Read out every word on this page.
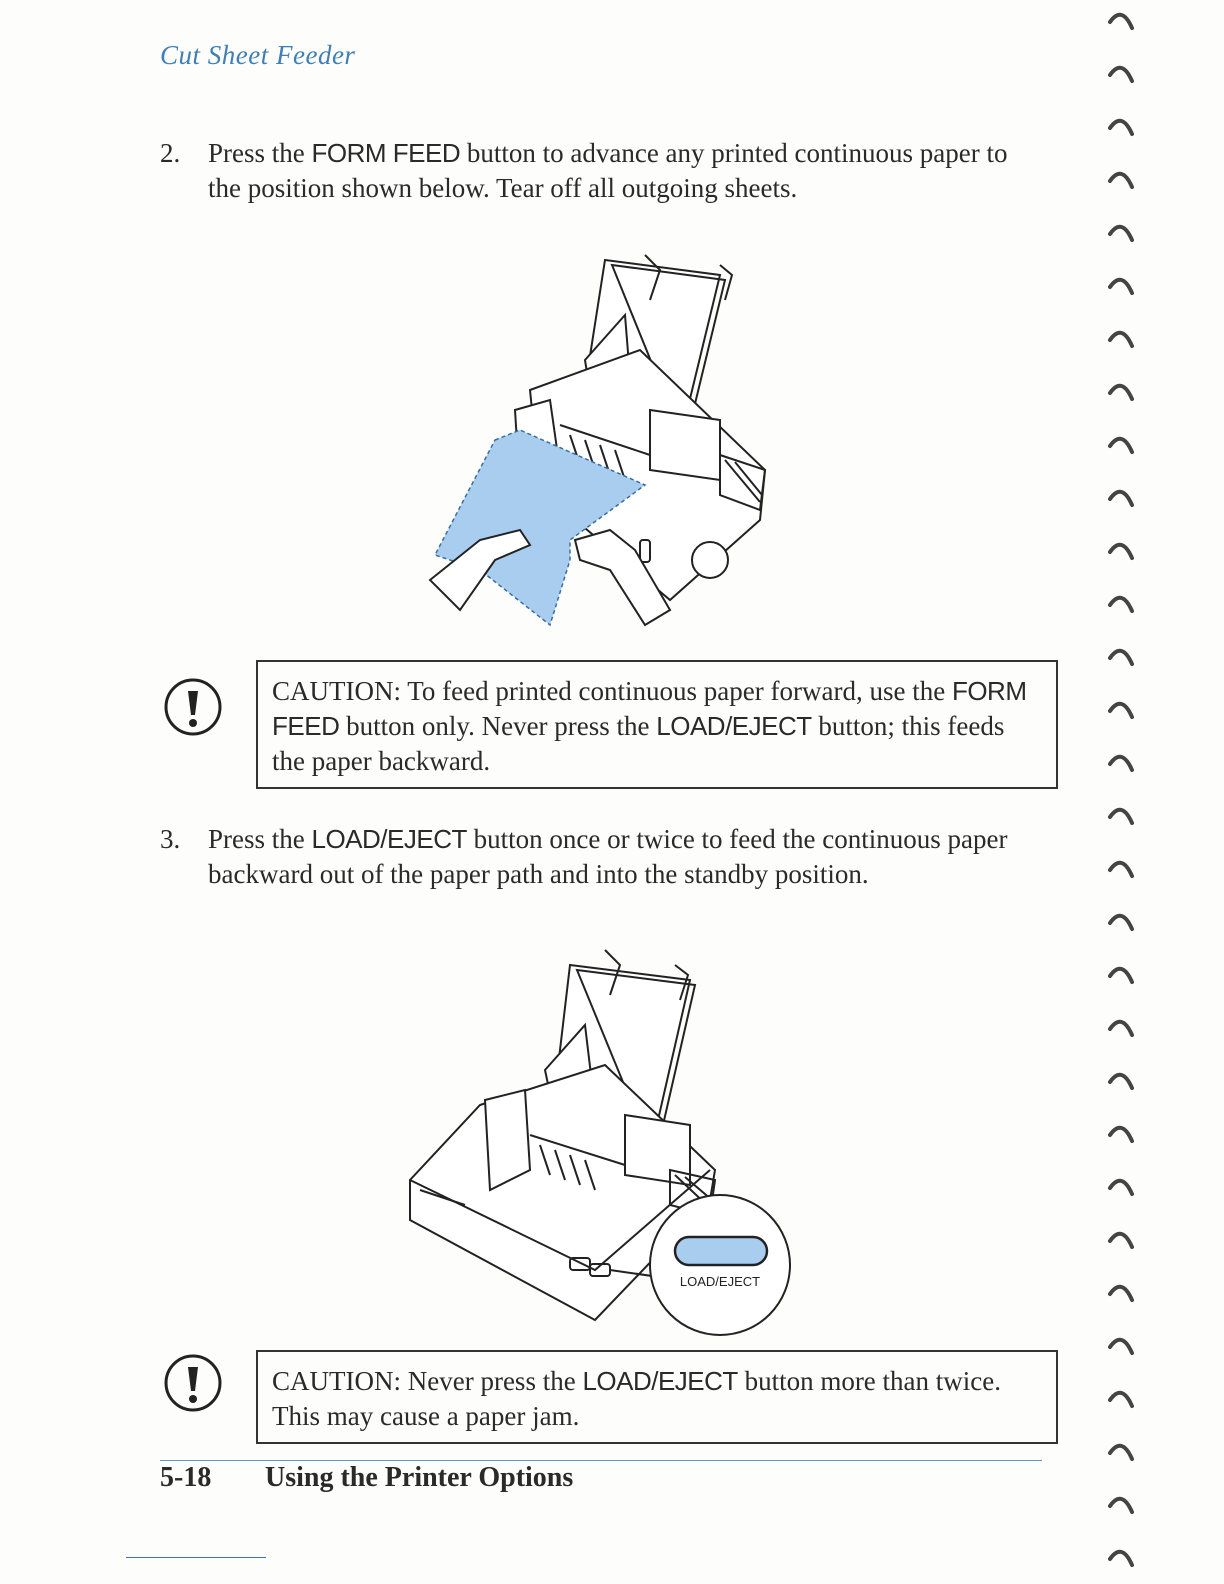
Cut Sheet Feeder
2. Press the FORM FEED button to advance any printed continuous paper to the position shown below. Tear off all outgoing sheets.
CAUTION: To feed printed continuous paper forward, use the FORM FEED button only. Never press the LOAD/EJECT button; this feeds the paper backward.
3. Press the LOAD/EJECT button once or twice to feed the continuous paper backward out of the paper path and into the standby position.
LOAD/EJECT
CAUTION: Never press the LOAD/EJECT button more than twice. This may cause a paper jam.
5-18 Using the Printer Options
